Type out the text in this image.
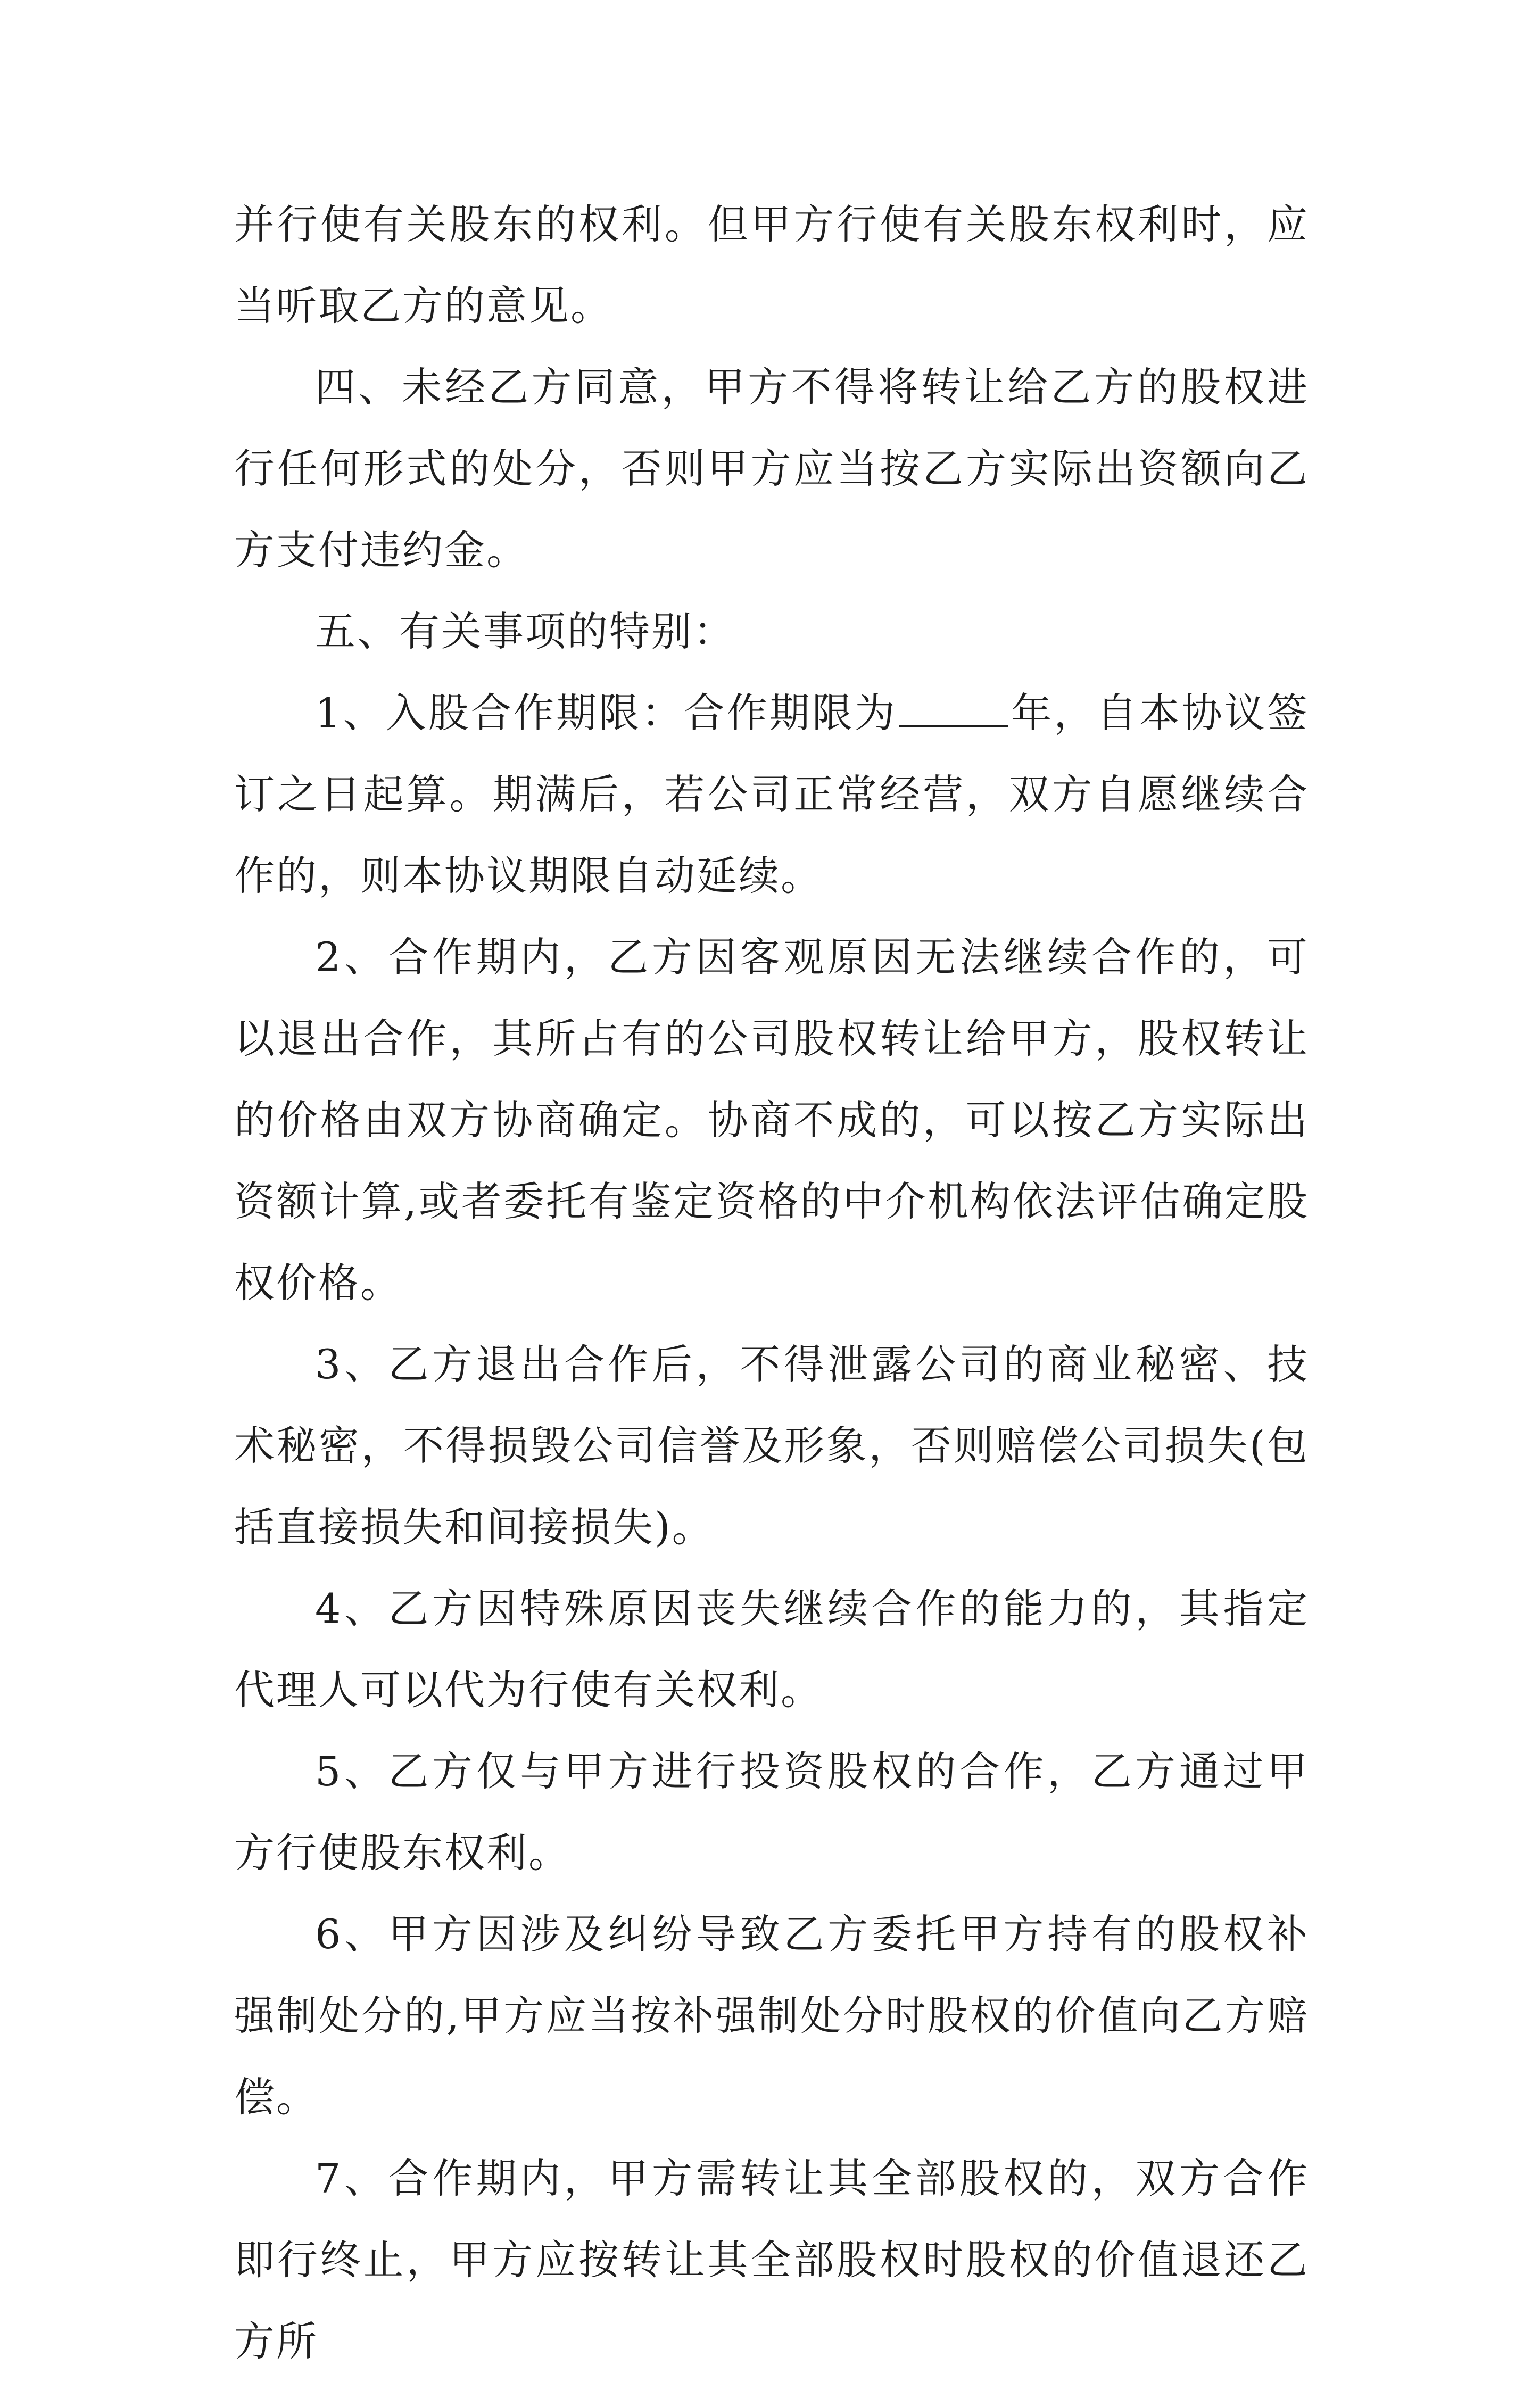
并行使有关股东的权利。但甲方行使有关股东权利时，应当听取乙方的意见。

四、未经乙方同意，甲方不得将转让给乙方的股权进行任何形式的处分，否则甲方应当按乙方实际出资额向乙方支付违约金。

五、有关事项的特别：

1、入股合作期限：合作期限为	年，自本协议签订之日起算。期满后，若公司正常经营，双方自愿继续合作的，则本协议期限自动延续。

2、合作期内，乙方因客观原因无法继续合作的，可以退出合作，其所占有的公司股权转让给甲方，股权转让的价格由双方协商确定。协商不成的，可以按乙方实际出资额计算,或者委托有鉴定资格的中介机构依法评估确定股权价格。

3、乙方退出合作后，不得泄露公司的商业秘密、技术秘密，不得损毁公司信誉及形象，否则赔偿公司损失(包括直接损失和间接损失)。

4、乙方因特殊原因丧失继续合作的能力的，其指定代理人可以代为行使有关权利。

5、乙方仅与甲方进行投资股权的合作，乙方通过甲方行使股东权利。

6、甲方因涉及纠纷导致乙方委托甲方持有的股权补强制处分的,甲方应当按补强制处分时股权的价值向乙方赔偿。

7、合作期内，甲方需转让其全部股权的，双方合作即行终止，甲方应按转让其全部股权时股权的价值退还乙方所
